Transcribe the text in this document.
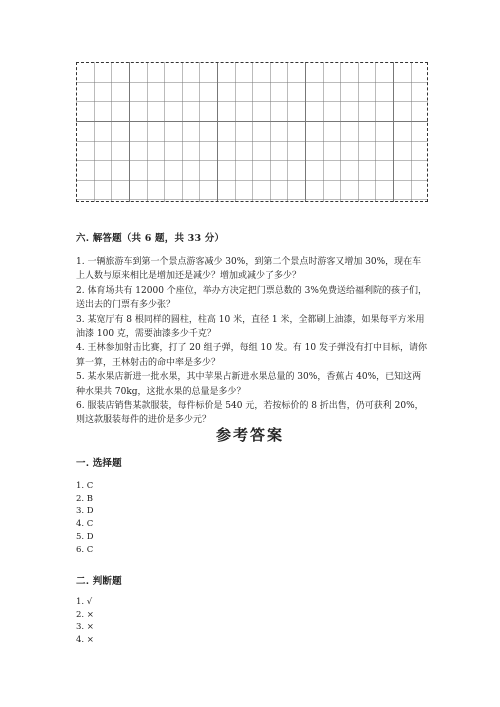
六. 解答题（共 6 题，共 33 分）

1. 一辆旅游车到第一个景点游客减少 30%，到第二个景点时游客又增加 30%，现在车上人数与原来相比是增加还是减少？增加或减少了多少？

2. 体育场共有 12000 个座位，举办方决定把门票总数的 3%免费送给福利院的孩子们，送出去的门票有多少张？

3. 某宽厅有 8 根同样的圆柱，柱高 10 米，直径 1 米，全都刷上油漆，如果每平方米用油漆 100 克，需要油漆多少千克？

4. 王林参加射击比赛，打了 20 组子弹，每组 10 发。有 10 发子弹没有打中目标，请你算一算，王林射击的命中率是多少？

5. 某水果店新进一批水果，其中苹果占新进水果总量的 30%，香蕉占 40%，已知这两种水果共 70kg，这批水果的总量是多少？

6. 服装店销售某款服装，每件标价是 540 元，若按标价的 8 折出售，仍可获利 20%，则这款服装每件的进价是多少元？

参考答案
一. 选择题
1. C
2. B
3. D
4. C
5. D
6. C
二. 判断题
1. √
2. ×
3. ×
4. ×
